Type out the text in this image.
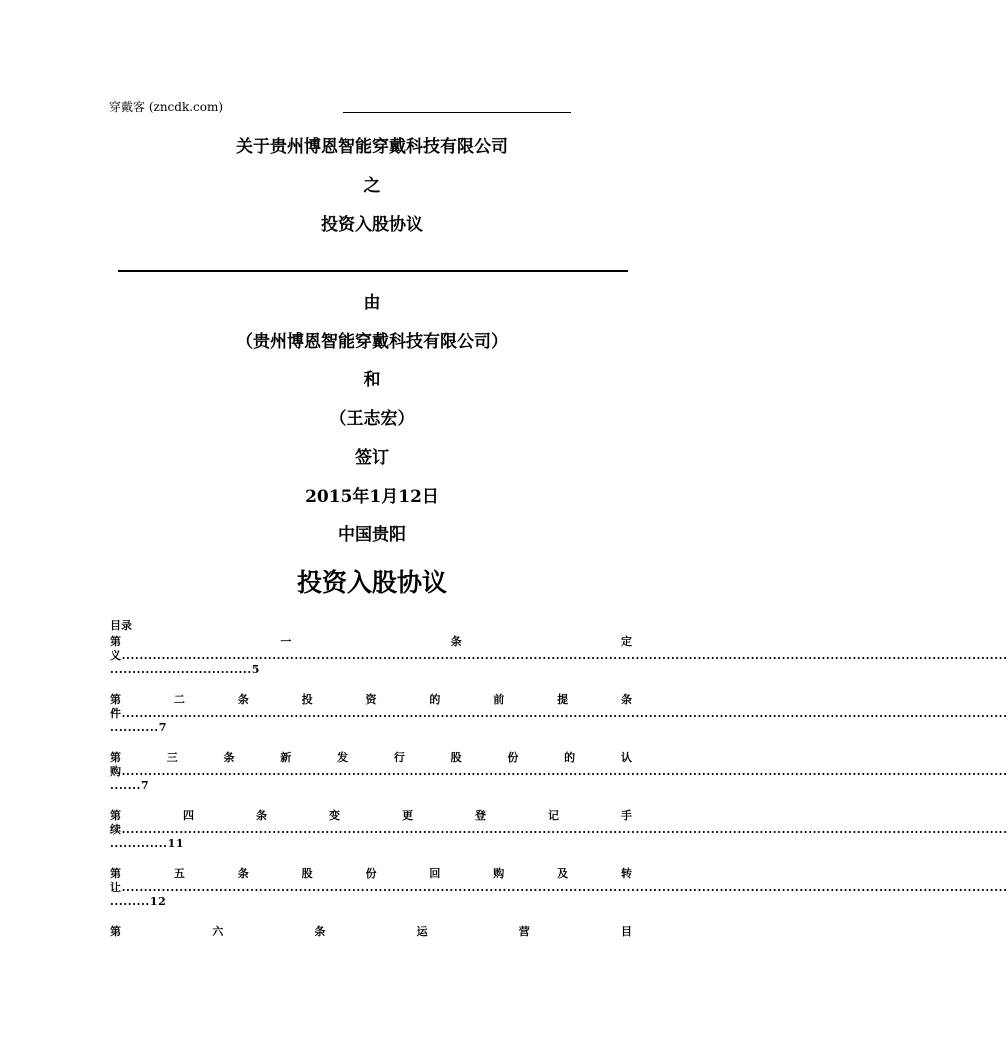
穿戴客 (zncdk.com)
关于贵州博恩智能穿戴科技有限公司
之
投资入股协议
由
（贵州博恩智能穿戴科技有限公司）
和
（王志宏）
签订
2015年1月12日
中国贵阳
投资入股协议
目录
第	一	条	定
义........................................................................................................................................................................................................
................................5
第	二	条	投	资	的	前	提	条
件........................................................................................................................................................................................................
...........7
第	三	条	新	发	行	股	份	的	认
购........................................................................................................................................................................................................
.......7
第	四	条	变	更	登	记	手
续........................................................................................................................................................................................................
.............11
第	五	条	股	份	回	购	及	转
让........................................................................................................................................................................................................
.........12
第	六	条	运	营	目
